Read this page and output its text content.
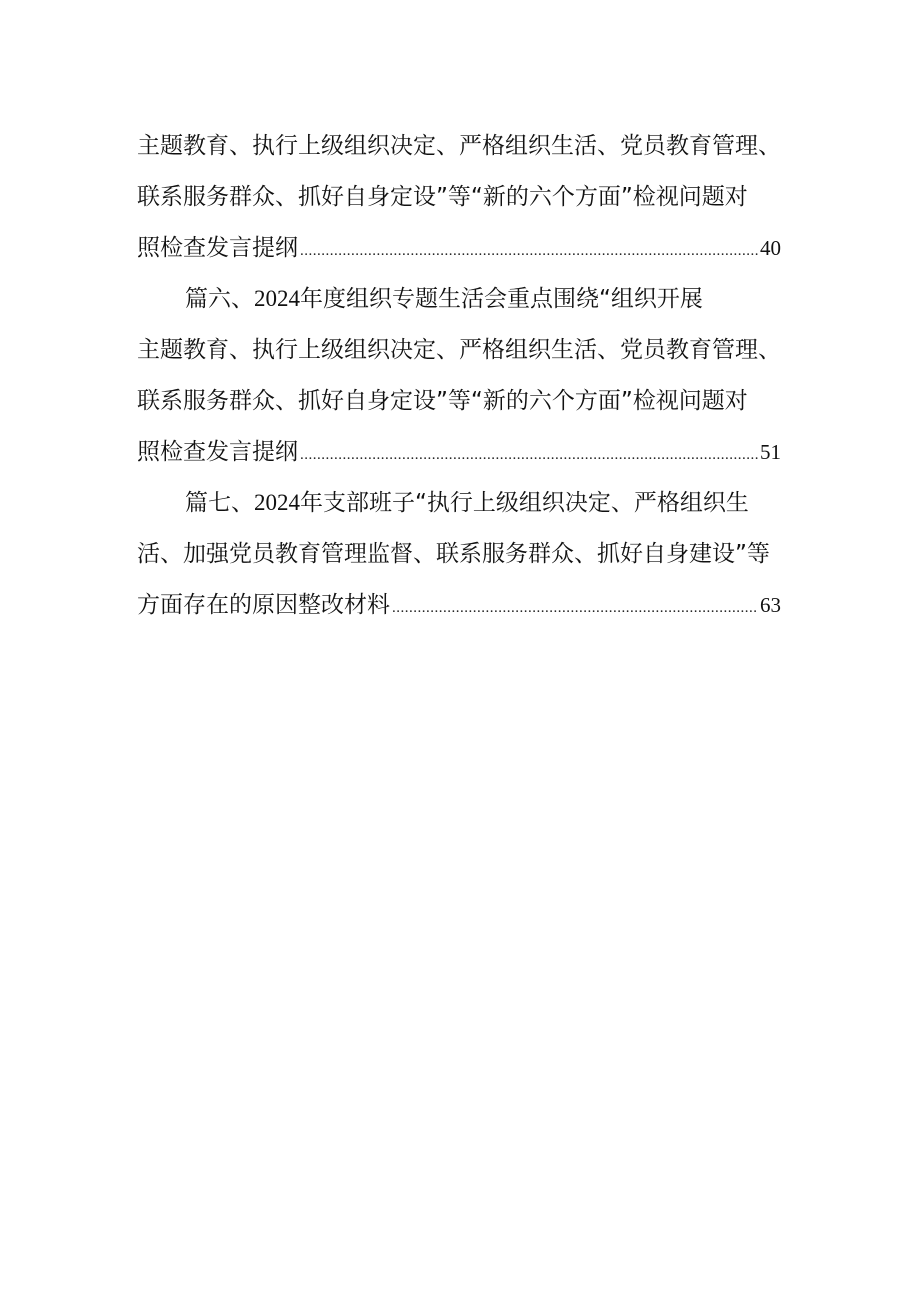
主题教育、执行上级组织决定、严格组织生活、党员教育管理、
联系服务群众、抓好自身定设”等“新的六个方面”检视问题对
照检查发言提纲 .....	40
篇六、2024年度组织专题生活会重点围绕“组织开展
主题教育、执行上级组织决定、严格组织生活、党员教育管理、
联系服务群众、抓好自身定设”等“新的六个方面”检视问题对
照检查发言提纲 .....	51
篇七、2024年支部班子“执行上级组织决定、严格组织生
活、加强党员教育管理监督、联系服务群众、抓好自身建设”等
方面存在的原因整改材料 .....	63
